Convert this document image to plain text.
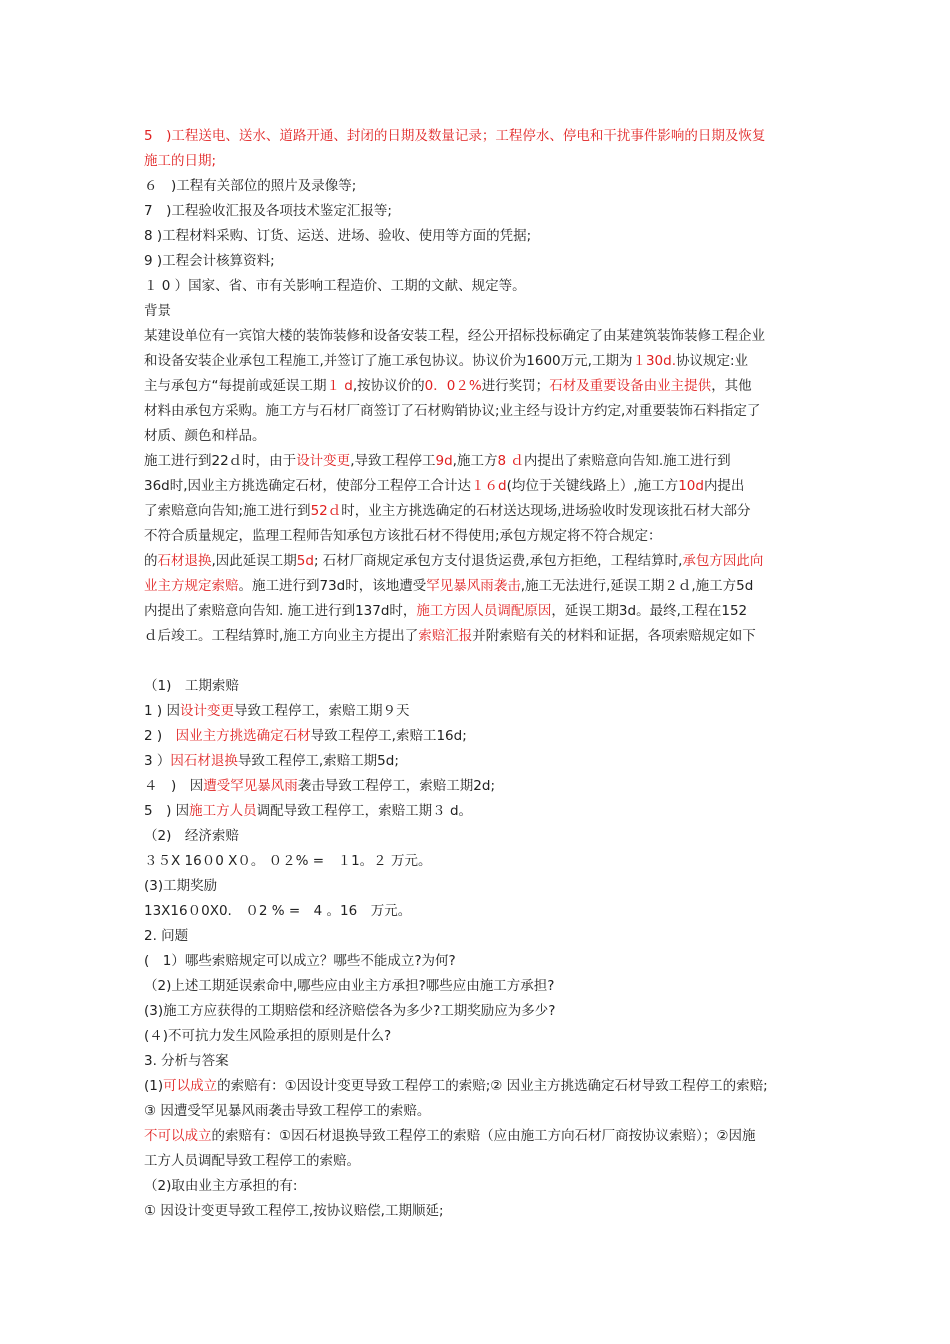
5　)工程送电、送水、道路开通、封闭的日期及数量记录；工程停水、停电和干扰事件影响的日期及恢复
施工的日期;
６　)工程有关部位的照片及录像等;
7　)工程验收汇报及各项技术鉴定汇报等;
8 )工程材料采购、订货、运送、进场、验收、使用等方面的凭据;
9 )工程会计核算资料;
１ 0 ）国家、省、市有关影响工程造价、工期的文献、规定等。
背景
某建设单位有一宾馆大楼的装饰装修和设备安装工程，经公开招标投标确定了由某建筑装饰装修工程企业
和设备安装企业承包工程施工,并签订了施工承包协议。协议价为1600万元,工期为１30d.协议规定:业
主与承包方“每提前或延误工期１ d,按协议价的0．0２%进行奖罚；石材及重要设备由业主提供，其他
材料由承包方采购。施工方与石材厂商签订了石材购销协议;业主经与设计方约定,对重要装饰石料指定了
材质、颜色和样品。
施工进行到22ｄ时，由于设计变更,导致工程停工9d,施工方8 ｄ内提出了索赔意向告知.施工进行到
36d时,因业主方挑选确定石材，使部分工程停工合计达１６d(均位于关键线路上）,施工方10d内提出
了索赔意向告知;施工进行到52ｄ时，业主方挑选确定的石材送达现场,进场验收时发现该批石材大部分
不符合质量规定，监理工程师告知承包方该批石材不得使用;承包方规定将不符合规定：
的石材退换,因此延误工期5d; 石材厂商规定承包方支付退货运费,承包方拒绝，工程结算时,承包方因此向
业主方规定索赔。施工进行到73d时，该地遭受罕见暴风雨袭击,施工无法进行,延误工期２ｄ,施工方5d
内提出了索赔意向告知. 施工进行到137d时，施工方因人员调配原因，延误工期3d。最终,工程在152
ｄ后竣工。工程结算时,施工方向业主方提出了索赔汇报并附索赔有关的材料和证据，各项索赔规定如下
（1)　工期索赔
1 ) 因设计变更导致工程停工，索赔工期９天
2 )　因业主方挑选确定石材导致工程停工,索赔工16d;
3 ）因石材退换导致工程停工,索赔工期5d;
４　)　因遭受罕见暴风雨袭击导致工程停工，索赔工期2d;
5　) 因施工方人员调配导致工程停工，索赔工期３ d。
（2)　经济索赔
３５X 16０0 X０。 ０２% =　１1。２ 万元。
(3)工期奖励
13X16０0X0.　０2 % =　4 。16　万元。
2. 问题
(　1）哪些索赔规定可以成立？哪些不能成立?为何?
（2)上述工期延误索命中,哪些应由业主方承担?哪些应由施工方承担?
(3)施工方应获得的工期赔偿和经济赔偿各为多少?工期奖励应为多少?
(４)不可抗力发生风险承担的原则是什么?
3. 分析与答案
(1)可以成立的索赔有：①因设计变更导致工程停工的索赔;② 因业主方挑选确定石材导致工程停工的索赔;
③ 因遭受罕见暴风雨袭击导致工程停工的索赔。
不可以成立的索赔有：①因石材退换导致工程停工的索赔（应由施工方向石材厂商按协议索赔）；②因施
工方人员调配导致工程停工的索赔。
（2)取由业主方承担的有:
① 因设计变更导致工程停工,按协议赔偿,工期顺延;
